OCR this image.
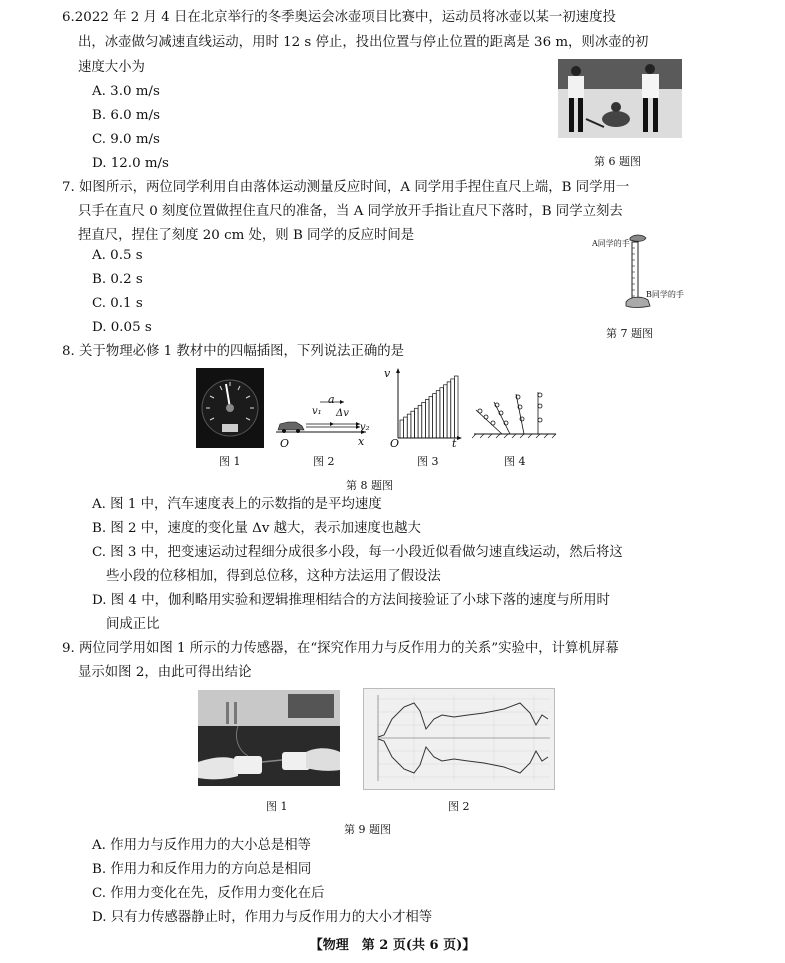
6.2022 年 2 月 4 日在北京举行的冬季奥运会冰壶项目比赛中，运动员将冰壶以某一初速度投
出，冰壶做匀减速直线运动，用时 12 s 停止，投出位置与停止位置的距离是 36 m，则冰壶的初
速度大小为
A. 3.0 m/s
B. 6.0 m/s
C. 9.0 m/s
D. 12.0 m/s	第 6 题图
7. 如图所示，两位同学利用自由落体运动测量反应时间，A 同学用手捏住直尺上端，B 同学用一
只手在直尺 0 刻度位置做捏住直尺的准备，当 A 同学放开手指让直尺下落时，B 同学立刻去
捏直尺，捏住了刻度 20 cm 处，则 B 同学的反应时间是
A. 0.5 s
B. 0.2 s
C. 0.1 s
D. 0.05 s
A同学的手
B同学的手
第 7 题图
8. 关于物理必修 1 教材中的四幅插图，下列说法正确的是
a
v₁ Δv
v₂
O	x
v
O	t
图 1	图 2	图 3	图 4
第 8 题图
A. 图 1 中，汽车速度表上的示数指的是平均速度
B. 图 2 中，速度的变化量 Δv 越大，表示加速度也越大
C. 图 3 中，把变速运动过程细分成很多小段，每一小段近似看做匀速直线运动，然后将这
些小段的位移相加，得到总位移，这种方法运用了假设法
D. 图 4 中，伽利略用实验和逻辑推理相结合的方法间接验证了小球下落的速度与所用时
间成正比
9. 两位同学用如图 1 所示的力传感器，在“探究作用力与反作用力的关系”实验中，计算机屏幕
显示如图 2，由此可得出结论
图 1	图 2
第 9 题图
A. 作用力与反作用力的大小总是相等
B. 作用力和反作用力的方向总是相同
C. 作用力变化在先，反作用力变化在后
D. 只有力传感器静止时，作用力与反作用力的大小才相等
【物理　第 2 页(共 6 页)】
